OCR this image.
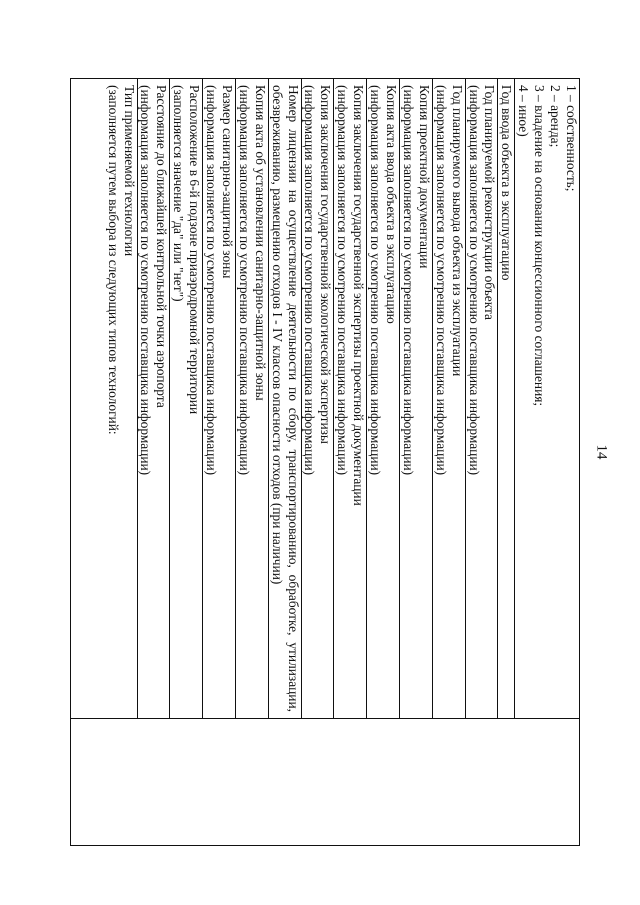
14
1 – собственность;
2 – аренда;
3 – владение на основании концессионного соглашения;
4 – иное)
Год ввода объекта в эксплуатацию
Год планируемой реконструкции объекта
(информация заполняется по усмотрению поставщика информации)
Год планируемого вывода объекта из эксплуатации
(информация заполняется по усмотрению поставщика информации)
Копия проектной документации
(информация заполняется по усмотрению поставщика информации)
Копия акта ввода объекта в эксплуатацию
(информация заполняется по усмотрению поставщика информации)
Копия заключения государственной экспертизы проектной документации
(информация заполняется по усмотрению поставщика информации)
Копия заключения государственной экологической экспертизы
(информация заполняется по усмотрению поставщика информации)
Номер лицензии на осуществление деятельности по сбору, транспортированию, обработке, утилизации, обезвреживанию, размещению отходов I - IV классов опасности отходов (при наличии)
Копия акта об установлении санитарно-защитной зоны
(информация заполняется по усмотрению поставщика информации)
Размер санитарно-защитной зоны
(информация заполняется по усмотрению поставщика информации)
Расположение в 6-й подзоне приаэродромной территории
(заполняется значение "да" или "нет")
Расстояние до ближайшей контрольной точки аэропорта
(информация заполняется по усмотрению поставщика информации)
Тип применяемой технологии
(заполняется путем выбора из следующих типов технологий:
